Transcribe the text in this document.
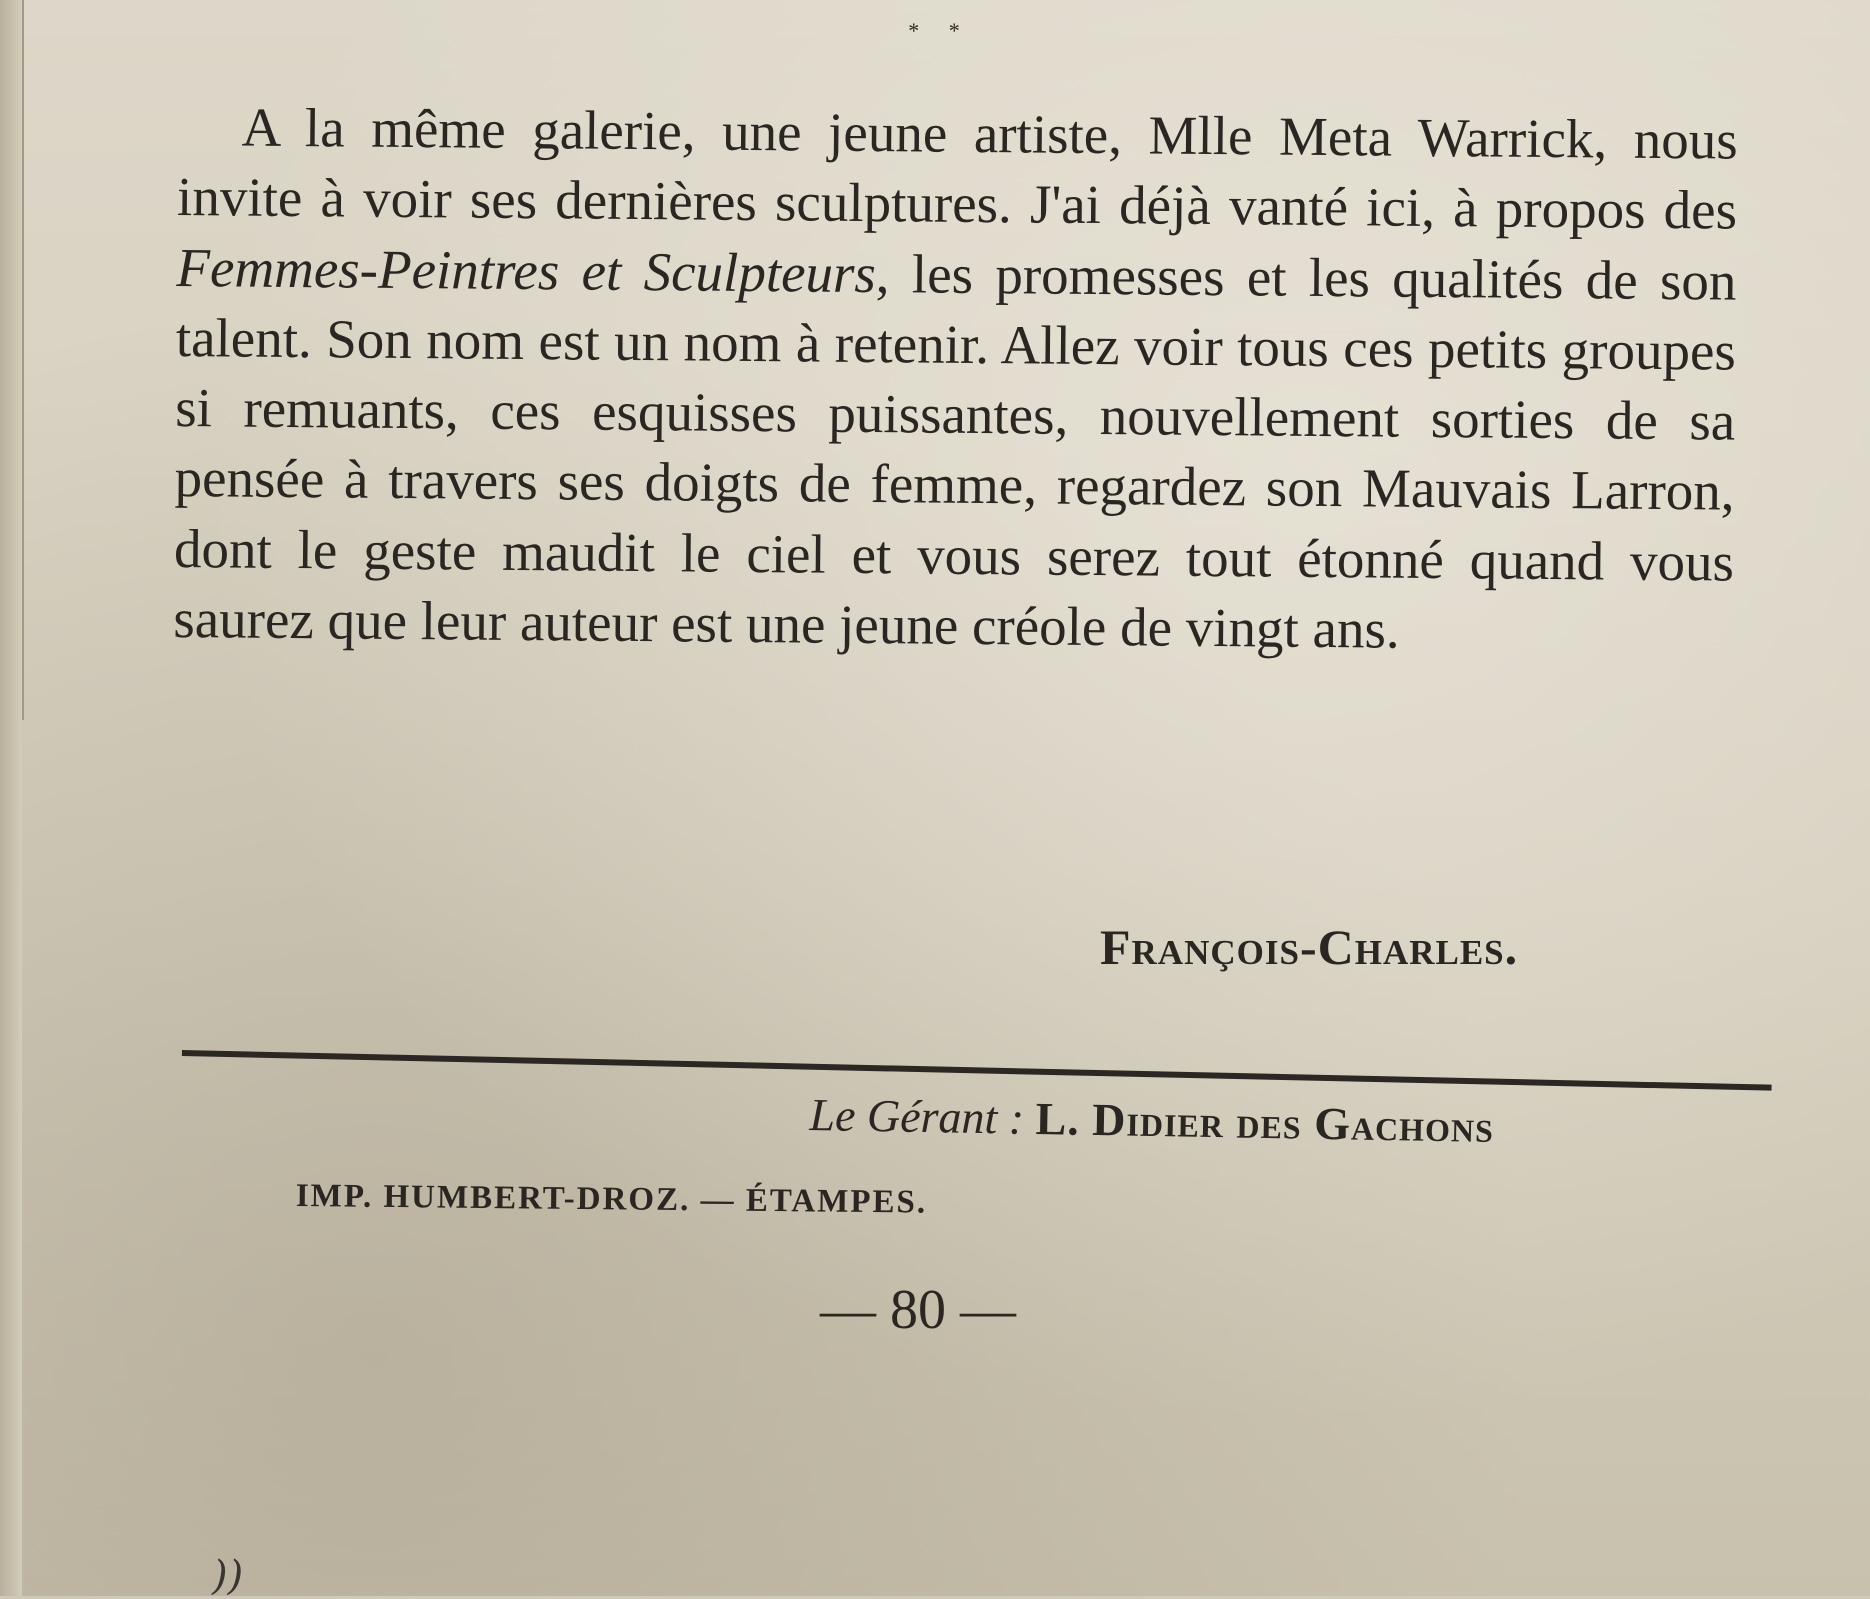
* *
A la même galerie, une jeune artiste, Mlle Meta Warrick, nous invite à voir ses dernières sculptures. J'ai déjà vanté ici, à propos des Femmes-Peintres et Sculpteurs, les promesses et les qualités de son talent. Son nom est un nom à retenir. Allez voir tous ces petits groupes si remuants, ces esquisses puissantes, nouvellement sorties de sa pensée à travers ses doigts de femme, regardez son Mauvais Larron, dont le geste maudit le ciel et vous serez tout étonné quand vous saurez que leur auteur est une jeune créole de vingt ans.
François-Charles.
Le Gérant : L. Didier des Gachons
IMP. HUMBERT-DROZ. — ÉTAMPES.
— 80 —
))
